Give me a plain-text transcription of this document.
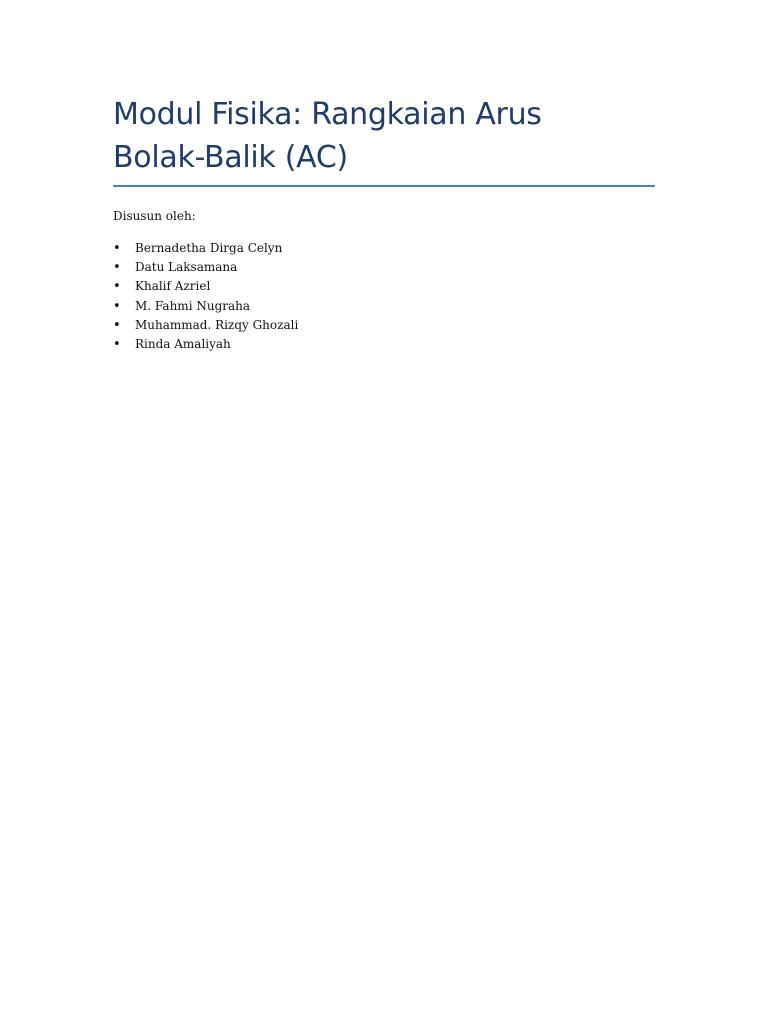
Modul Fisika: Rangkaian Arus Bolak-Balik (AC)

Disusun oleh:

• Bernadetha Dirga Celyn
• Datu Laksamana
• Khalif Azriel
• M. Fahmi Nugraha
• Muhammad. Rizqy Ghozali
• Rinda Amaliyah
